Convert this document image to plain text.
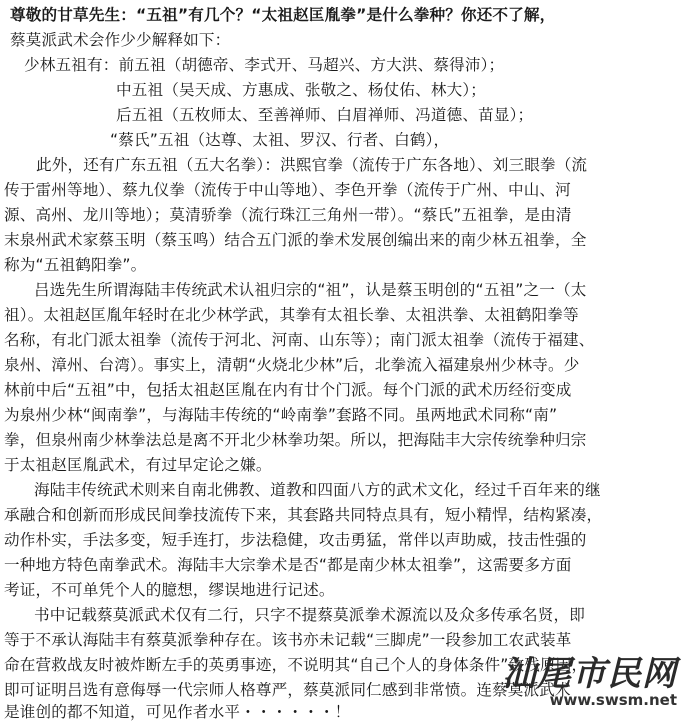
尊敬的甘草先生：“五祖”有几个？“太祖赵匡胤拳”是什么拳种？你还不了解，
蔡莫派武术会作少少解释如下：
少林五祖有：前五祖（胡德帝、李式开、马超兴、方大洪、蔡得沛）；
中五祖（吴天成、方惠成、张敬之、杨仗佑、林大）；
后五祖（五枚师太、至善禅师、白眉禅师、冯道德、苗显）；
“蔡氏”五祖（达尊、太祖、罗汉、行者、白鹤），
此外，还有广东五祖（五大名拳）：洪熙官拳（流传于广东各地）、刘三眼拳（流
传于雷州等地）、蔡九仪拳（流传于中山等地）、李色开拳（流传于广州、中山、河
源、高州、龙川等地）；莫清骄拳（流行珠江三角州一带）。“蔡氏”五祖拳，是由清
末泉州武术家蔡玉明（蔡玉鸣）结合五门派的拳术发展创编出来的南少林五祖拳，全
称为“五祖鹤阳拳”。
吕选先生所谓海陆丰传统武术认祖归宗的“祖”，认是蔡玉明创的“五祖”之一（太
祖）。太祖赵匡胤年轻时在北少林学武，其拳有太祖长拳、太祖洪拳、太祖鹤阳拳等
名称，有北门派太祖拳（流传于河北、河南、山东等）；南门派太祖拳（流传于福建、
泉州、漳州、台湾）。事实上，清朝“火烧北少林”后，北拳流入福建泉州少林寺。少
林前中后“五祖”中，包括太祖赵匡胤在内有廿个门派。每个门派的武术历经衍变成
为泉州少林“闽南拳”，与海陆丰传统的“岭南拳”套路不同。虽两地武术同称“南”
拳，但泉州南少林拳法总是离不开北少林拳功架。所以，把海陆丰大宗传统拳种归宗
于太祖赵匡胤武术，有过早定论之嫌。
海陆丰传统武术则来自南北佛教、道教和四面八方的武术文化，经过千百年来的继
承融合和创新而形成民间拳技流传下来，其套路共同特点具有，短小精悍，结构紧凑，
动作朴实，手法多变，短手连打，步法稳健，攻击勇猛，常伴以声助威，技击性强的
一种地方特色南拳武术。海陆丰大宗拳术是否“都是南少林太祖拳”，这需要多方面
考证，不可单凭个人的臆想，缪误地进行记述。
书中记载蔡莫派武术仅有二行，只字不提蔡莫派拳术源流以及众多传承名贤，即
等于不承认海陆丰有蔡莫派拳种存在。该书亦未记载“三脚虎”一段参加工农武装革
命在营救战友时被炸断左手的英勇事迹，不说明其“自己个人的身体条件”致残原因，
即可证明吕选有意侮辱一代宗师人格尊严，蔡莫派同仁感到非常愤。连蔡莫派武术
是谁创的都不知道，可见作者水平・・・・・・！
汕尾市民网
www.swsm.net
